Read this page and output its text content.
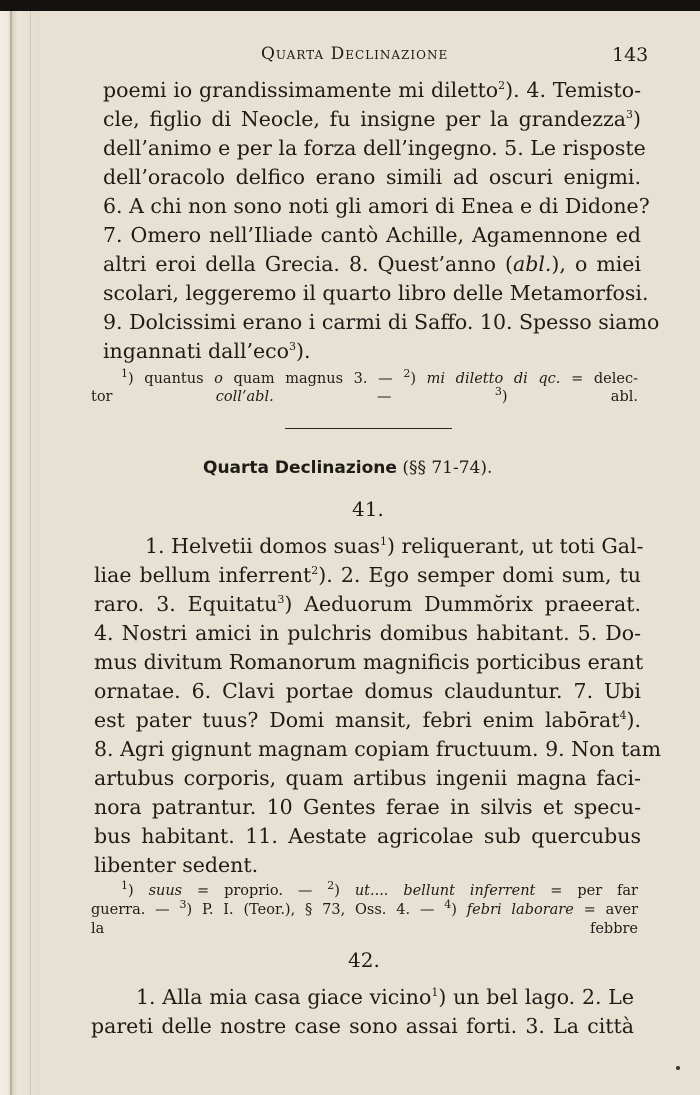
Quarta Declinazione	143
poemi io grandissimamente mi diletto$^2$). 4. Temisto-
cle, figlio di Neocle, fu insigne per la grandezza$^3$)
dell’animo e per la forza dell’ingegno. 5. Le risposte
dell’oracolo delfico erano simili ad oscuri enigmi.
6. A chi non sono noti gli amori di Enea e di Didone?
7. Omero nell’Iliade cantò Achille, Agamennone ed
altri eroi della Grecia. 8. Quest’anno (abl.), o miei
scolari, leggeremo il quarto libro delle Metamorfosi.
9. Dolcissimi erano i carmi di Saffo. 10. Spesso siamo
ingannati dall’eco$^3$).
$^1$) quantus o quam magnus 3. — $^2$) mi diletto di qc. = delec-
tor coll’abl. — $^3$) abl.
Quarta Declinazione (§§ 71-74).
41.
1. Helvetii domos suas$^1$) reliquerant, ut toti Gal-
liae bellum inferrent$^2$). 2. Ego semper domi sum, tu
raro. 3. Equitatu$^3$) Aeduorum Dummŏrix praeerat.
4. Nostri amici in pulchris domibus habitant. 5. Do-
mus divitum Romanorum magnificis porticibus erant
ornatae. 6. Clavi portae domus clauduntur. 7. Ubi
est pater tuus? Domi mansit, febri enim labōrat$^4$).
8. Agri gignunt magnam copiam fructuum. 9. Non tam
artubus corporis, quam artibus ingenii magna faci-
nora patrantur. 10 Gentes ferae in silvis et specu-
bus habitant. 11. Aestate agricolae sub quercubus
libenter sedent.
$^1$) suus = proprio. — $^2$) ut.... bellunt inferrent = per far
guerra. — $^3$) P. I. (Teor.), § 73, Oss. 4. — $^4$) febri laborare = aver
la febbre
42.
1. Alla mia casa giace vicino$^1$) un bel lago. 2. Le
pareti delle nostre case sono assai forti. 3. La città
